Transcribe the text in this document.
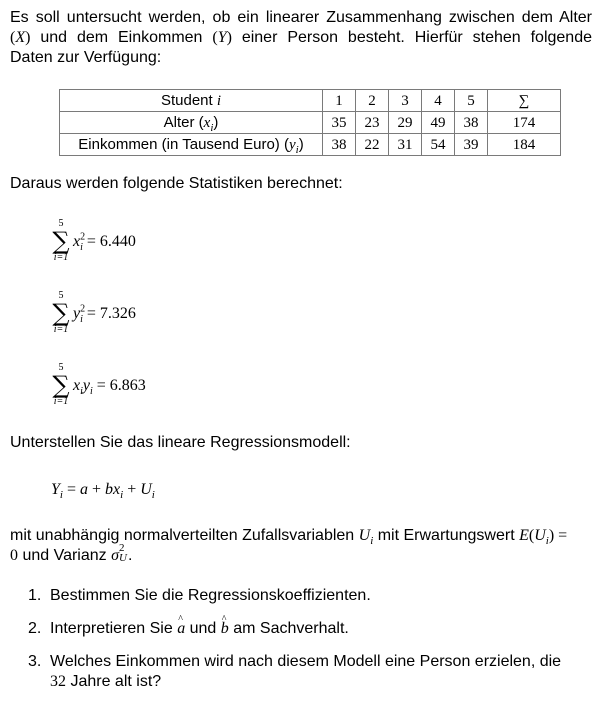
Es soll untersucht werden, ob ein linearer Zusammenhang zwischen dem Alter

(X) und dem Einkommen (Y) einer Person besteht. Hierfür stehen folgende

Daten zur Verfügung:

Student i	1	2	3	4	5	∑
Alter $(x_i)$	35	23	29	49	38	174
Einkommen (in Tausend Euro) $(y_i)$	38	22	31	54	39	184
Daraus werden folgende Statistiken berechnet:
5
∑
i=1
$x^2_i = 6.440$
5
∑
i=1
$y^2_i = 7.326$
5
∑
i=1
$x_iy_i = 6.863$
Unterstellen Sie das lineare Regressionsmodell:
$Y_i = a + bx_i + U_i$

mit unabhängig normalverteilten Zufallsvariablen $U_i$ mit Erwartungswert $E(U_i)$ =

0 und Varianz σ 2
U .

1. Bestimmen Sie die Regressionskoeffizienten.
2. Interpretieren Sie ^ a und ^ b am Sachverhalt.
3. Welches Einkommen wird nach diesem Modell eine Person erzielen, die
32 Jahre alt ist?
